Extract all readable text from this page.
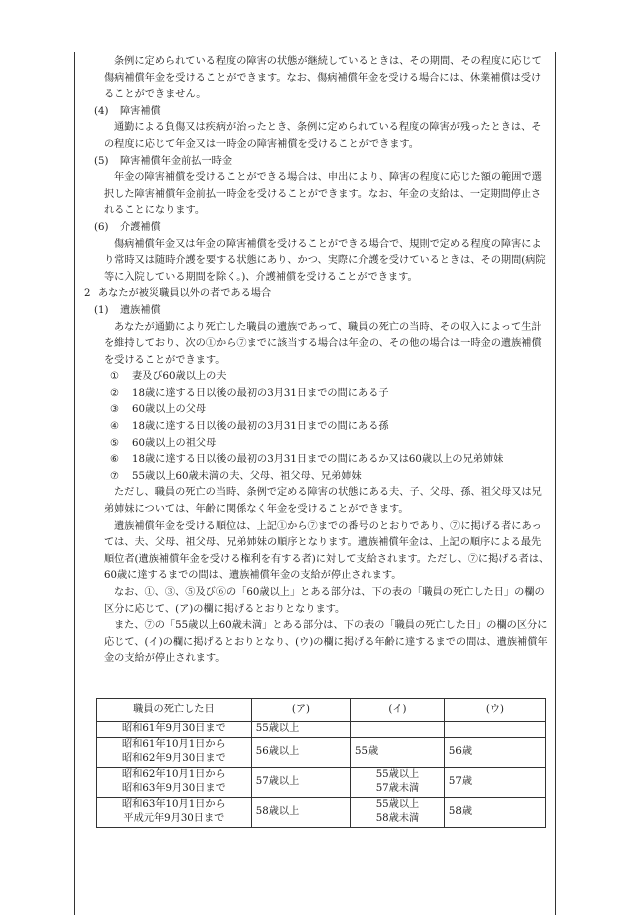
条例に定められている程度の障害の状態が継続しているときは、その期間、その程度に応じて傷病補償年金を受けることができます。なお、傷病補償年金を受ける場合には、休業補償は受けることができません。

(4) 障害補償

通勤による負傷又は疾病が治ったとき、条例に定められている程度の障害が残ったときは、その程度に応じて年金又は一時金の障害補償を受けることができます。

(5) 障害補償年金前払一時金

年金の障害補償を受けることができる場合は、申出により、障害の程度に応じた額の範囲で選択した障害補償年金前払一時金を受けることができます。なお、年金の支給は、一定期間停止されることになります。

(6) 介護補償

傷病補償年金又は年金の障害補償を受けることができる場合で、規則で定める程度の障害により常時又は随時介護を要する状態にあり、かつ、実際に介護を受けているときは、その期間(病院等に入院している期間を除く。)、介護補償を受けることができます。

2 あなたが被災職員以外の者である場合

(1) 遺族補償

あなたが通勤により死亡した職員の遺族であって、職員の死亡の当時、その収入によって生計を維持しており、次の①から⑦までに該当する場合は年金の、その他の場合は一時金の遺族補償を受けることができます。

① 妻及び60歳以上の夫

② 18歳に達する日以後の最初の3月31日までの間にある子

③ 60歳以上の父母

④ 18歳に達する日以後の最初の3月31日までの間にある孫

⑤ 60歳以上の祖父母

⑥ 18歳に達する日以後の最初の3月31日までの間にあるか又は60歳以上の兄弟姉妹

⑦ 55歳以上60歳未満の夫、父母、祖父母、兄弟姉妹

ただし、職員の死亡の当時、条例で定める障害の状態にある夫、子、父母、孫、祖父母又は兄弟姉妹については、年齢に関係なく年金を受けることができます。

遺族補償年金を受ける順位は、上記①から⑦までの番号のとおりであり、⑦に掲げる者にあっては、夫、父母、祖父母、兄弟姉妹の順序となります。遺族補償年金は、上記の順序による最先順位者(遺族補償年金を受ける権利を有する者)に対して支給されます。ただし、⑦に掲げる者は、60歳に達するまでの間は、遺族補償年金の支給が停止されます。

なお、①、③、⑤及び⑥の「60歳以上」とある部分は、下の表の「職員の死亡した日」の欄の区分に応じて、(ア)の欄に掲げるとおりとなります。

また、⑦の「55歳以上60歳未満」とある部分は、下の表の「職員の死亡した日」の欄の区分に応じて、(イ)の欄に掲げるとおりとなり、(ウ)の欄に掲げる年齢に達するまでの間は、遺族補償年金の支給が停止されます。

職員の死亡した日	(ア)	(イ)	(ウ)

昭和61年9月30日まで	55歳以上	

昭和61年10月1日から
昭和62年9月30日まで	56歳以上	55歳	56歳

昭和62年10月1日から
昭和63年9月30日まで	57歳以上	55歳以上
57歳未満	57歳

昭和63年10月1日から
平成元年9月30日まで	58歳以上	55歳以上
58歳未満	58歳
